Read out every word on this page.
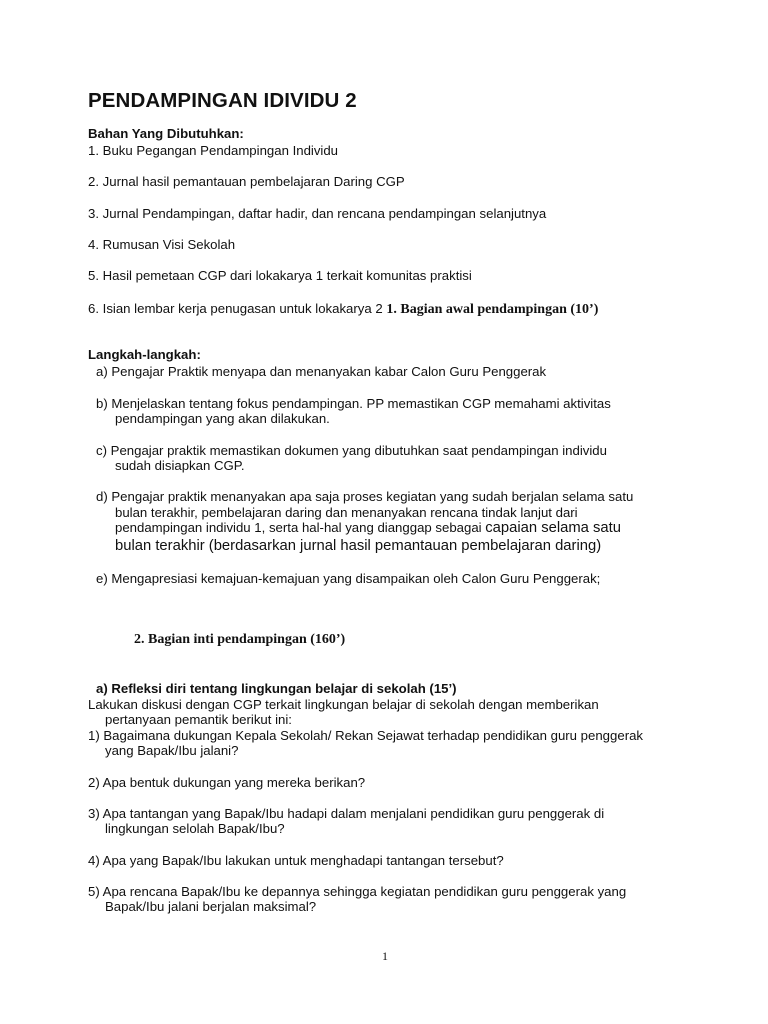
PENDAMPINGAN IDIVIDU 2
Bahan Yang Dibutuhkan:
1. Buku Pegangan Pendampingan Individu
2. Jurnal hasil pemantauan pembelajaran Daring CGP
3. Jurnal Pendampingan, daftar hadir, dan rencana pendampingan selanjutnya
4. Rumusan Visi Sekolah
5. Hasil pemetaan CGP dari lokakarya 1 terkait komunitas praktisi
6. Isian lembar kerja penugasan untuk lokakarya 2 1. Bagian awal pendampingan (10’)
Langkah-langkah:
a) Pengajar Praktik menyapa dan menanyakan kabar Calon Guru Penggerak
b) Menjelaskan tentang fokus pendampingan. PP memastikan CGP memahami aktivitas
pendampingan yang akan dilakukan.
c) Pengajar praktik memastikan dokumen yang dibutuhkan saat pendampingan individu
sudah disiapkan CGP.
d) Pengajar praktik menanyakan apa saja proses kegiatan yang sudah berjalan selama satu
bulan terakhir, pembelajaran daring dan menanyakan rencana tindak lanjut dari
pendampingan individu 1, serta hal-hal yang dianggap sebagai capaian selama satu
bulan terakhir (berdasarkan jurnal hasil pemantauan pembelajaran daring)
e) Mengapresiasi kemajuan-kemajuan yang disampaikan oleh Calon Guru Penggerak;
2. Bagian inti pendampingan (160’)
a) Refleksi diri tentang lingkungan belajar di sekolah (15’)
Lakukan diskusi dengan CGP terkait lingkungan belajar di sekolah dengan memberikan
pertanyaan pemantik berikut ini:
1) Bagaimana dukungan Kepala Sekolah/ Rekan Sejawat terhadap pendidikan guru penggerak
yang Bapak/Ibu jalani?
2) Apa bentuk dukungan yang mereka berikan?
3) Apa tantangan yang Bapak/Ibu hadapi dalam menjalani pendidikan guru penggerak di
lingkungan selolah Bapak/Ibu?
4) Apa yang Bapak/Ibu lakukan untuk menghadapi tantangan tersebut?
5) Apa rencana Bapak/Ibu ke depannya sehingga kegiatan pendidikan guru penggerak yang
Bapak/Ibu jalani berjalan maksimal?
1
